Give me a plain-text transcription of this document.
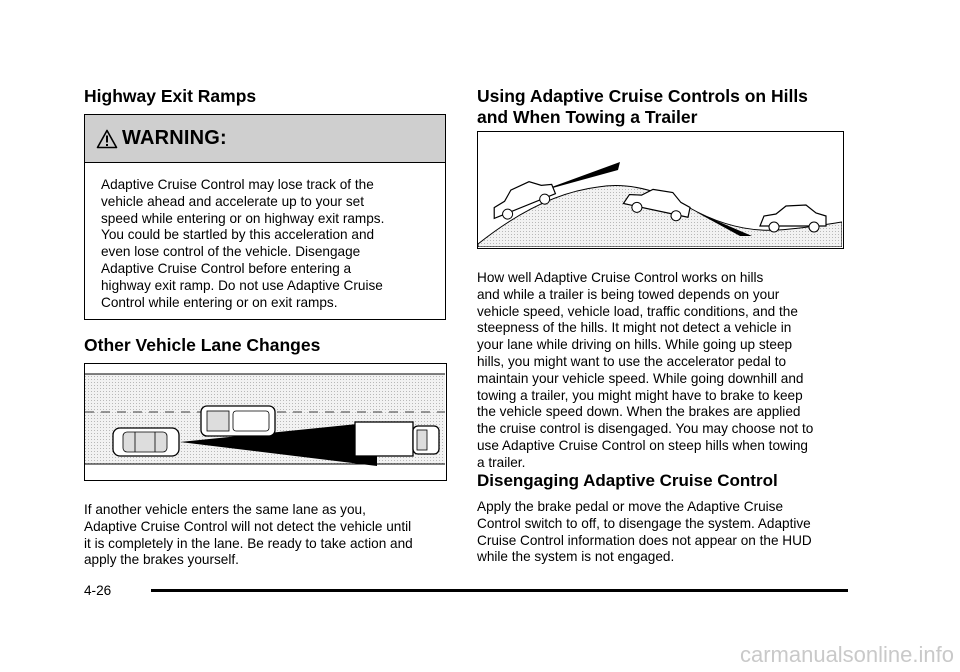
Highway Exit Ramps
WARNING:
Adaptive Cruise Control may lose track of the
vehicle ahead and accelerate up to your set
speed while entering or on highway exit ramps.
You could be startled by this acceleration and
even lose control of the vehicle. Disengage
Adaptive Cruise Control before entering a
highway exit ramp. Do not use Adaptive Cruise
Control while entering or on exit ramps.
Other Vehicle Lane Changes
If another vehicle enters the same lane as you,
Adaptive Cruise Control will not detect the vehicle until
it is completely in the lane. Be ready to take action and
apply the brakes yourself.
Using Adaptive Cruise Controls on Hills
and When Towing a Trailer
How well Adaptive Cruise Control works on hills
and while a trailer is being towed depends on your
vehicle speed, vehicle load, traffic conditions, and the
steepness of the hills. It might not detect a vehicle in
your lane while driving on hills. While going up steep
hills, you might want to use the accelerator pedal to
maintain your vehicle speed. While going downhill and
towing a trailer, you might might have to brake to keep
the vehicle speed down. When the brakes are applied
the cruise control is disengaged. You may choose not to
use Adaptive Cruise Control on steep hills when towing
a trailer.
Disengaging Adaptive Cruise Control
Apply the brake pedal or move the Adaptive Cruise
Control switch to off, to disengage the system. Adaptive
Cruise Control information does not appear on the HUD
while the system is not engaged.
4-26
carmanualsonline.info
